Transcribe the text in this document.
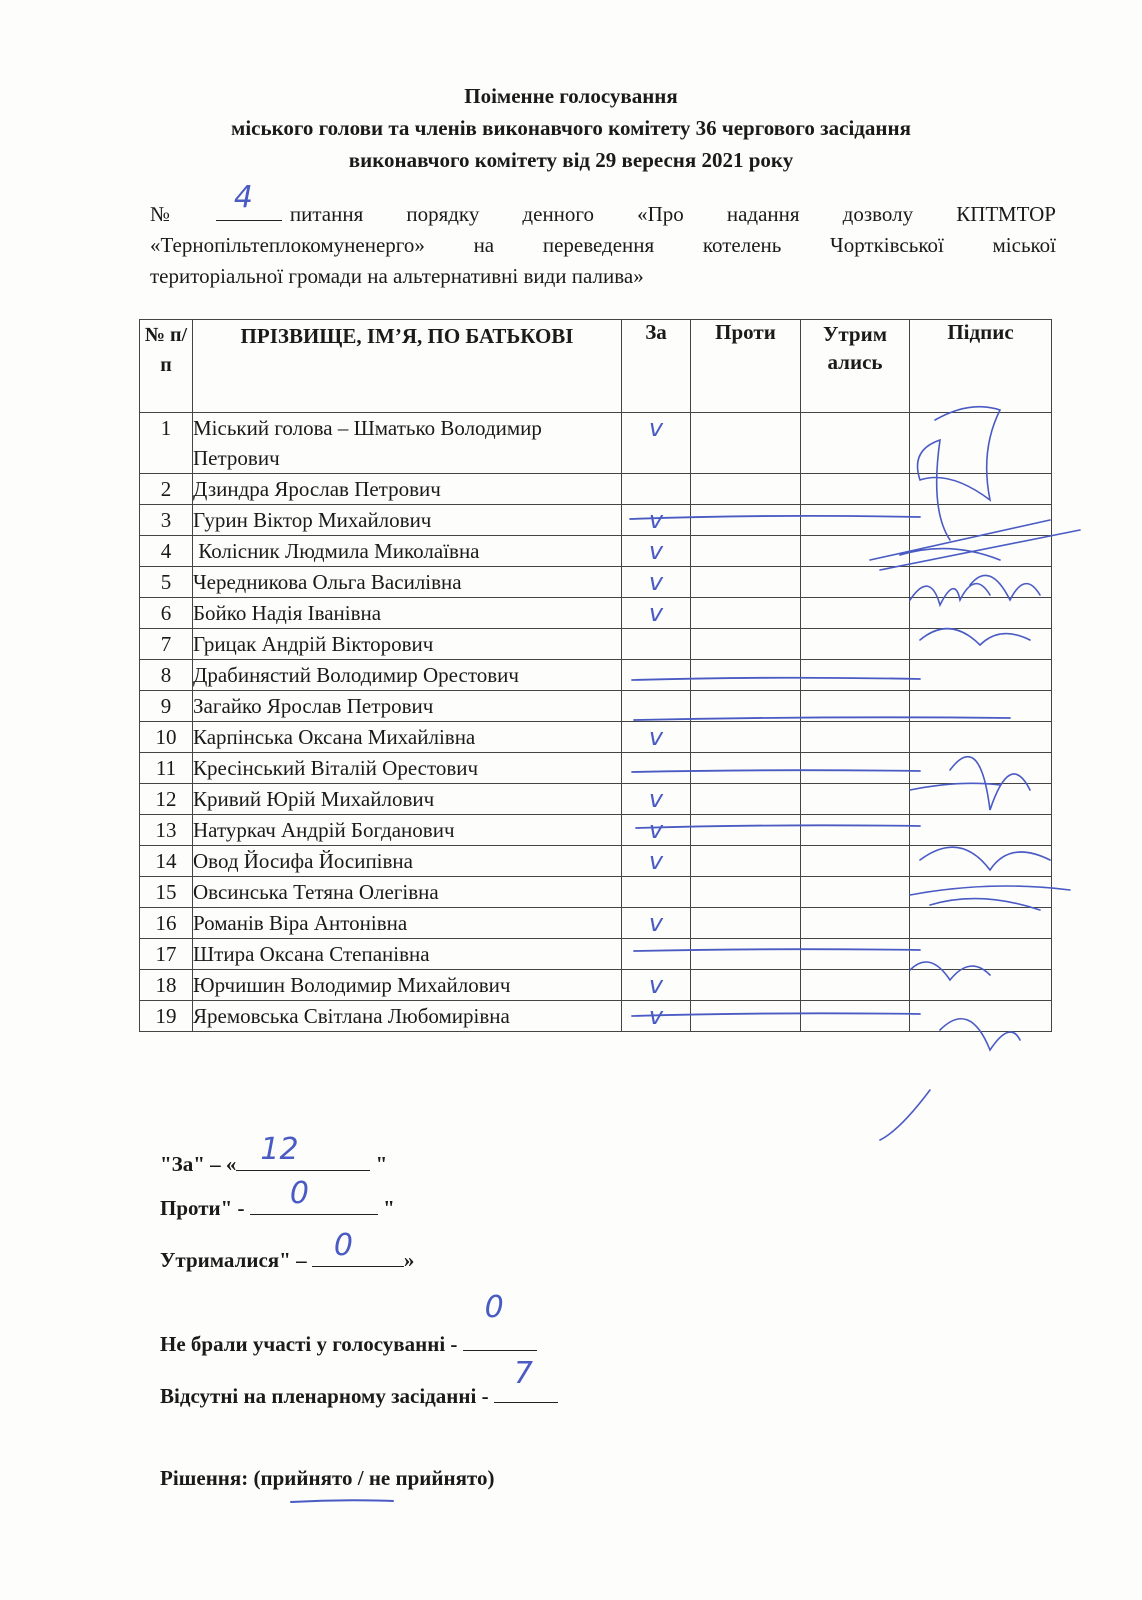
Поіменне голосування
міського голови та членів виконавчого комітету 36 чергового засідання
виконавчого комітету від 29 вересня 2021 року
№ 4 питання порядку денного «Про надання дозволу КПТМТОР
«Тернопільтеплокомуненерго» на переведення котелень Чортківської міської
територіальної громади на альтернативні види палива»
№ п/п	ПРІЗВИЩЕ, ІМ’Я, ПО БАТЬКОВІ	За	Проти	Утрим ались	Підпис
1	Міський голова – Шматько Володимир Петрович	v			
2	Дзиндра Ярослав Петрович				
3	Гурин Віктор Михайлович	v			
4	Колісник Людмила Миколаївна	v			
5	Чередникова Ольга Василівна	v			
6	Бойко Надія Іванівна	v			
7	Грицак Андрій Вікторович				
8	Драбинястий Володимир Орестович				
9	Загайко Ярослав Петрович				
10	Карпінська Оксана Михайлівна	v			
11	Кресінський Віталій Орестович				
12	Кривий Юрій Михайлович	v			
13	Натуркач Андрій Богданович	v			
14	Овод Йосифа Йосипівна	v			
15	Овсинська Тетяна Олегівна				
16	Романів Віра Антонівна	v			
17	Штира Оксана Степанівна				
18	Юрчишин Володимир Михайлович	v			
19	Яремовська Світлана Любомирівна	v			
"За" – « 12	"
Проти" - 0	"
Утрималися" – 0 »
Не брали участі у голосуванні -
0
Відсутні на пленарному засіданні -
7
Рішення: (прийнято / не прийнято)
